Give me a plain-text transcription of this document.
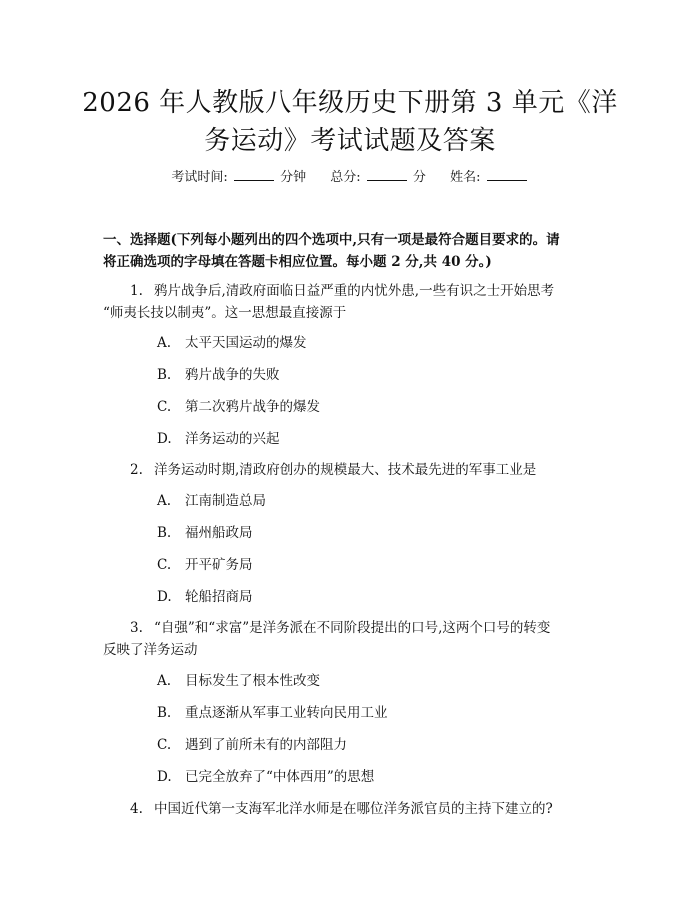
2026 年人教版八年级历史下册第 3 单元《洋
务运动》考试试题及答案
考试时间:	分钟 总分:	分 姓名:

一、选择题(下列每小题列出的四个选项中,只有一项是最符合题目要求的。请
将正确选项的字母填在答题卡相应位置。每小题 2 分,共 40 分。)

1. 鸦片战争后,清政府面临日益严重的内忧外患,一些有识之士开始思考
“师夷长技以制夷”。这一思想最直接源于
A. 太平天国运动的爆发
B. 鸦片战争的失败
C. 第二次鸦片战争的爆发
D. 洋务运动的兴起
2. 洋务运动时期,清政府创办的规模最大、技术最先进的军事工业是
A. 江南制造总局
B. 福州船政局
C. 开平矿务局
D. 轮船招商局
3. “自强”和“求富”是洋务派在不同阶段提出的口号,这两个口号的转变
反映了洋务运动
A. 目标发生了根本性改变
B. 重点逐渐从军事工业转向民用工业
C. 遇到了前所未有的内部阻力
D. 已完全放弃了“中体西用”的思想
4. 中国近代第一支海军北洋水师是在哪位洋务派官员的主持下建立的?
